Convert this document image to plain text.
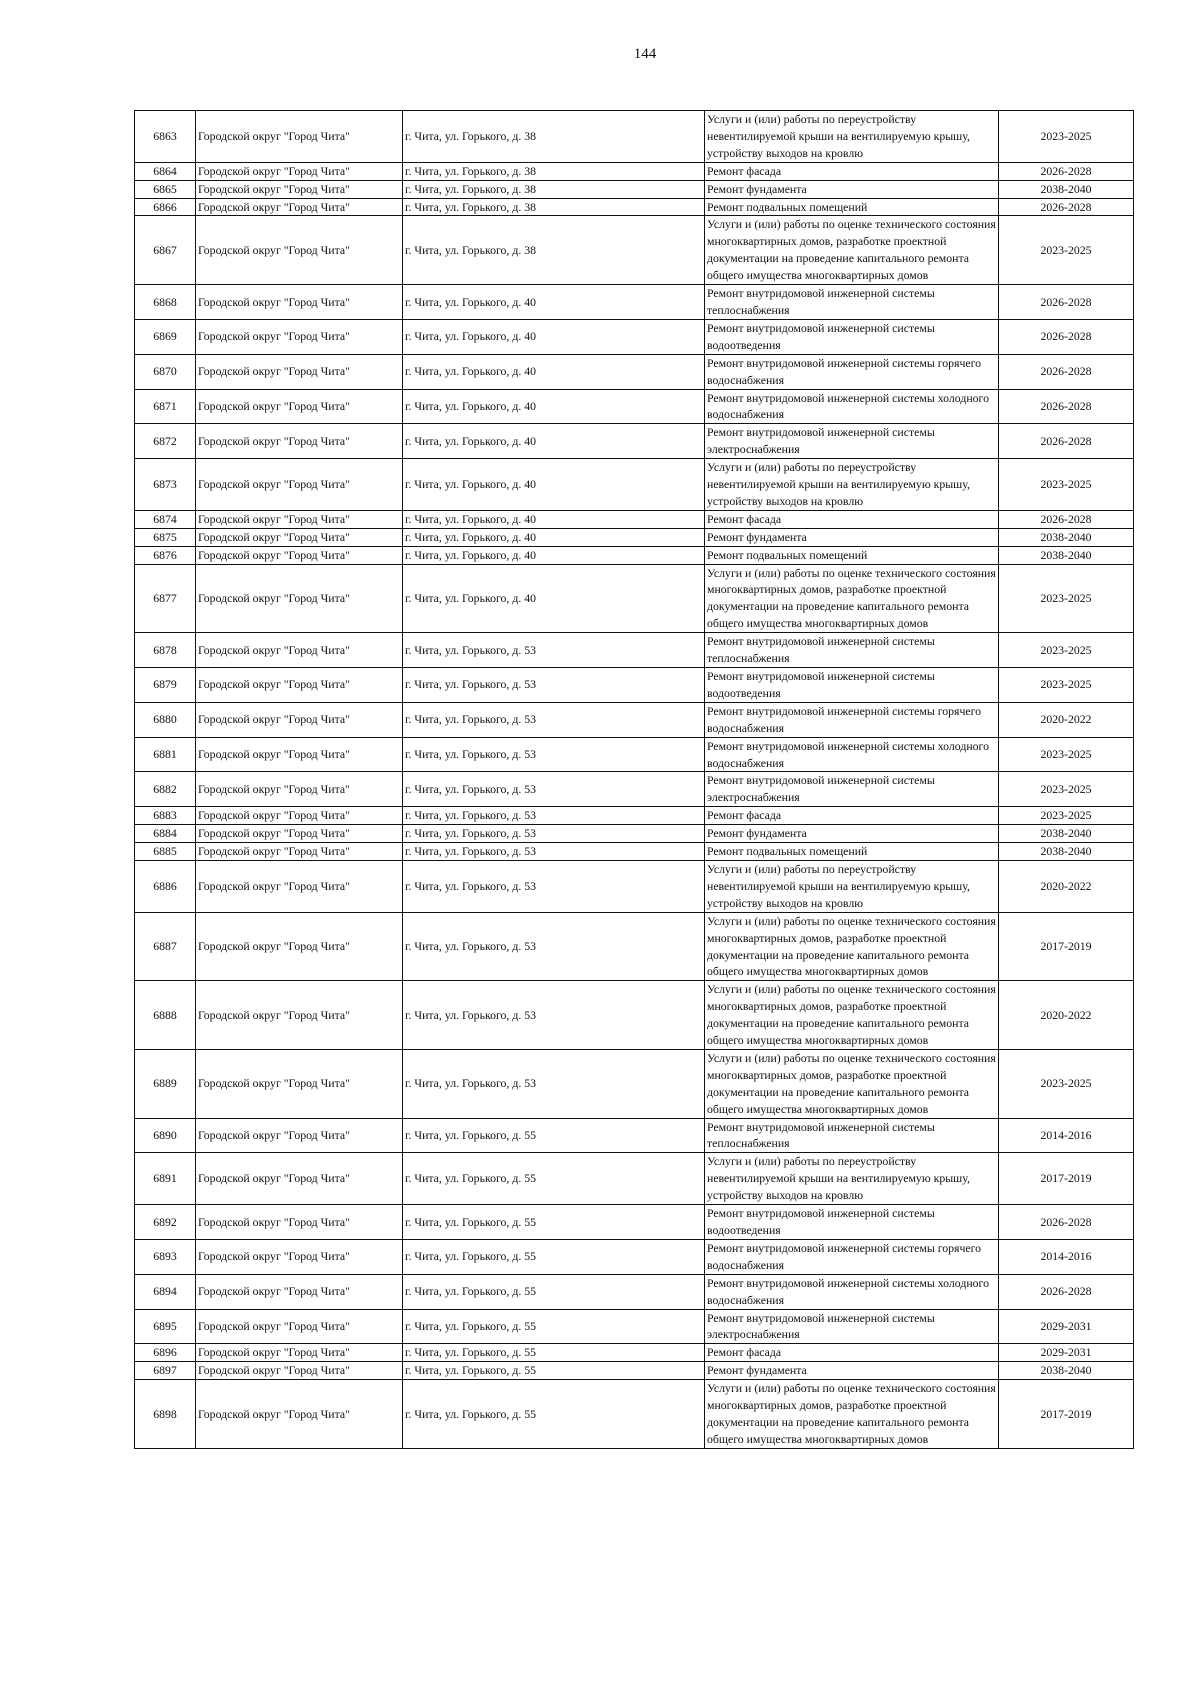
144
6863	Городской округ "Город Чита"	г. Чита, ул. Горького, д. 38	Услуги и (или) работы по переустройству невентилируемой крыши на вентилируемую крышу, устройству выходов на кровлю	2023-2025
6864	Городской округ "Город Чита"	г. Чита, ул. Горького, д. 38	Ремонт фасада	2026-2028
6865	Городской округ "Город Чита"	г. Чита, ул. Горького, д. 38	Ремонт фундамента	2038-2040
6866	Городской округ "Город Чита"	г. Чита, ул. Горького, д. 38	Ремонт подвальных помещений	2026-2028
6867	Городской округ "Город Чита"	г. Чита, ул. Горького, д. 38	Услуги и (или) работы по оценке технического состояния многоквартирных домов, разработке проектной документации на проведение капитального ремонта общего имущества многоквартирных домов	2023-2025
6868	Городской округ "Город Чита"	г. Чита, ул. Горького, д. 40	Ремонт внутридомовой инженерной системы теплоснабжения	2026-2028
6869	Городской округ "Город Чита"	г. Чита, ул. Горького, д. 40	Ремонт внутридомовой инженерной системы водоотведения	2026-2028
6870	Городской округ "Город Чита"	г. Чита, ул. Горького, д. 40	Ремонт внутридомовой инженерной системы горячего водоснабжения	2026-2028
6871	Городской округ "Город Чита"	г. Чита, ул. Горького, д. 40	Ремонт внутридомовой инженерной системы холодного водоснабжения	2026-2028
6872	Городской округ "Город Чита"	г. Чита, ул. Горького, д. 40	Ремонт внутридомовой инженерной системы электроснабжения	2026-2028
6873	Городской округ "Город Чита"	г. Чита, ул. Горького, д. 40	Услуги и (или) работы по переустройству невентилируемой крыши на вентилируемую крышу, устройству выходов на кровлю	2023-2025
6874	Городской округ "Город Чита"	г. Чита, ул. Горького, д. 40	Ремонт фасада	2026-2028
6875	Городской округ "Город Чита"	г. Чита, ул. Горького, д. 40	Ремонт фундамента	2038-2040
6876	Городской округ "Город Чита"	г. Чита, ул. Горького, д. 40	Ремонт подвальных помещений	2038-2040
6877	Городской округ "Город Чита"	г. Чита, ул. Горького, д. 40	Услуги и (или) работы по оценке технического состояния многоквартирных домов, разработке проектной документации на проведение капитального ремонта общего имущества многоквартирных домов	2023-2025
6878	Городской округ "Город Чита"	г. Чита, ул. Горького, д. 53	Ремонт внутридомовой инженерной системы теплоснабжения	2023-2025
6879	Городской округ "Город Чита"	г. Чита, ул. Горького, д. 53	Ремонт внутридомовой инженерной системы водоотведения	2023-2025
6880	Городской округ "Город Чита"	г. Чита, ул. Горького, д. 53	Ремонт внутридомовой инженерной системы горячего водоснабжения	2020-2022
6881	Городской округ "Город Чита"	г. Чита, ул. Горького, д. 53	Ремонт внутридомовой инженерной системы холодного водоснабжения	2023-2025
6882	Городской округ "Город Чита"	г. Чита, ул. Горького, д. 53	Ремонт внутридомовой инженерной системы электроснабжения	2023-2025
6883	Городской округ "Город Чита"	г. Чита, ул. Горького, д. 53	Ремонт фасада	2023-2025
6884	Городской округ "Город Чита"	г. Чита, ул. Горького, д. 53	Ремонт фундамента	2038-2040
6885	Городской округ "Город Чита"	г. Чита, ул. Горького, д. 53	Ремонт подвальных помещений	2038-2040
6886	Городской округ "Город Чита"	г. Чита, ул. Горького, д. 53	Услуги и (или) работы по переустройству невентилируемой крыши на вентилируемую крышу, устройству выходов на кровлю	2020-2022
6887	Городской округ "Город Чита"	г. Чита, ул. Горького, д. 53	Услуги и (или) работы по оценке технического состояния многоквартирных домов, разработке проектной документации на проведение капитального ремонта общего имущества многоквартирных домов	2017-2019
6888	Городской округ "Город Чита"	г. Чита, ул. Горького, д. 53	Услуги и (или) работы по оценке технического состояния многоквартирных домов, разработке проектной документации на проведение капитального ремонта общего имущества многоквартирных домов	2020-2022
6889	Городской округ "Город Чита"	г. Чита, ул. Горького, д. 53	Услуги и (или) работы по оценке технического состояния многоквартирных домов, разработке проектной документации на проведение капитального ремонта общего имущества многоквартирных домов	2023-2025
6890	Городской округ "Город Чита"	г. Чита, ул. Горького, д. 55	Ремонт внутридомовой инженерной системы теплоснабжения	2014-2016
6891	Городской округ "Город Чита"	г. Чита, ул. Горького, д. 55	Услуги и (или) работы по переустройству невентилируемой крыши на вентилируемую крышу, устройству выходов на кровлю	2017-2019
6892	Городской округ "Город Чита"	г. Чита, ул. Горького, д. 55	Ремонт внутридомовой инженерной системы водоотведения	2026-2028
6893	Городской округ "Город Чита"	г. Чита, ул. Горького, д. 55	Ремонт внутридомовой инженерной системы горячего водоснабжения	2014-2016
6894	Городской округ "Город Чита"	г. Чита, ул. Горького, д. 55	Ремонт внутридомовой инженерной системы холодного водоснабжения	2026-2028
6895	Городской округ "Город Чита"	г. Чита, ул. Горького, д. 55	Ремонт внутридомовой инженерной системы электроснабжения	2029-2031
6896	Городской округ "Город Чита"	г. Чита, ул. Горького, д. 55	Ремонт фасада	2029-2031
6897	Городской округ "Город Чита"	г. Чита, ул. Горького, д. 55	Ремонт фундамента	2038-2040
6898	Городской округ "Город Чита"	г. Чита, ул. Горького, д. 55	Услуги и (или) работы по оценке технического состояния многоквартирных домов, разработке проектной документации на проведение капитального ремонта общего имущества многоквартирных домов	2017-2019
